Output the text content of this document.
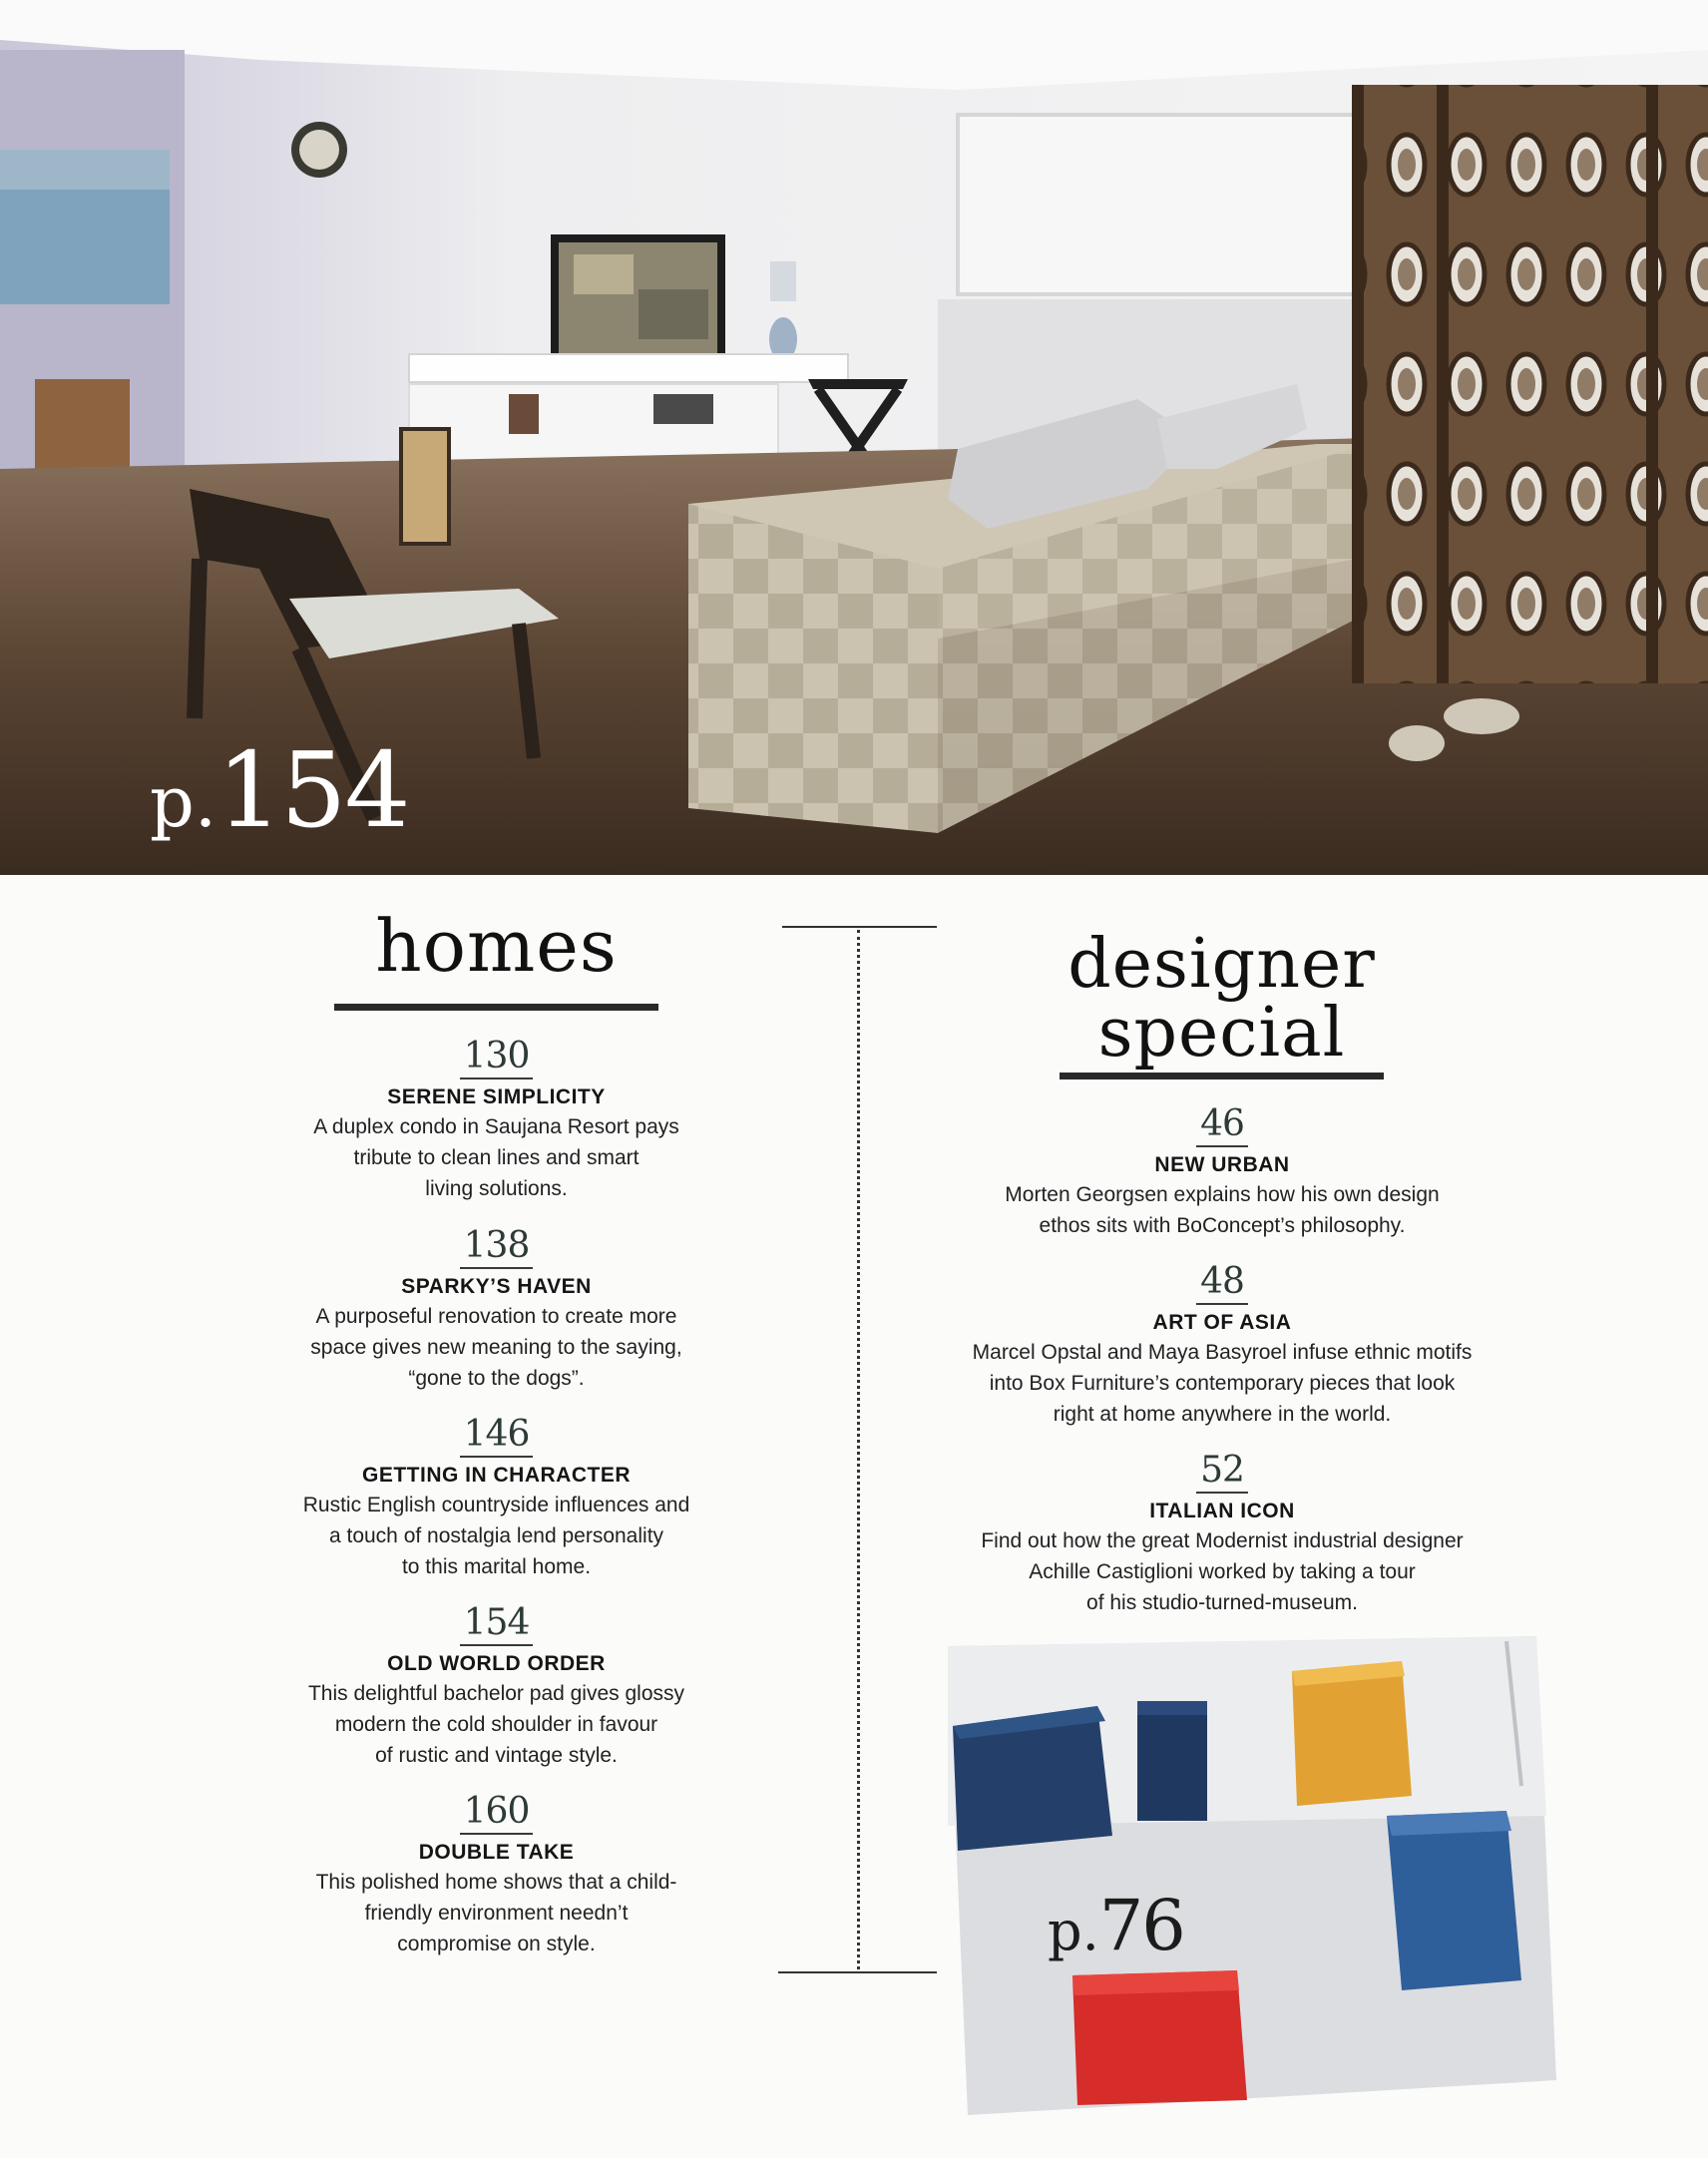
p.154
homes
130
SERENE SIMPLICITY
A duplex condo in Saujana Resort pays
tribute to clean lines and smart
living solutions.
138
SPARKY’S HAVEN
A purposeful renovation to create more
space gives new meaning to the saying,
“gone to the dogs”.
146
GETTING IN CHARACTER
Rustic English countryside influences and
a touch of nostalgia lend personality
to this marital home.
154
OLD WORLD ORDER
This delightful bachelor pad gives glossy
modern the cold shoulder in favour
of rustic and vintage style.
160
DOUBLE TAKE
This polished home shows that a child-
friendly environment needn’t
compromise on style.
designer
special
46
NEW URBAN
Morten Georgsen explains how his own design
ethos sits with BoConcept’s philosophy.
48
ART OF ASIA
Marcel Opstal and Maya Basyroel infuse ethnic motifs
into Box Furniture’s contemporary pieces that look
right at home anywhere in the world.
52
ITALIAN ICON
Find out how the great Modernist industrial designer
Achille Castiglioni worked by taking a tour
of his studio-turned-museum.
p.76
